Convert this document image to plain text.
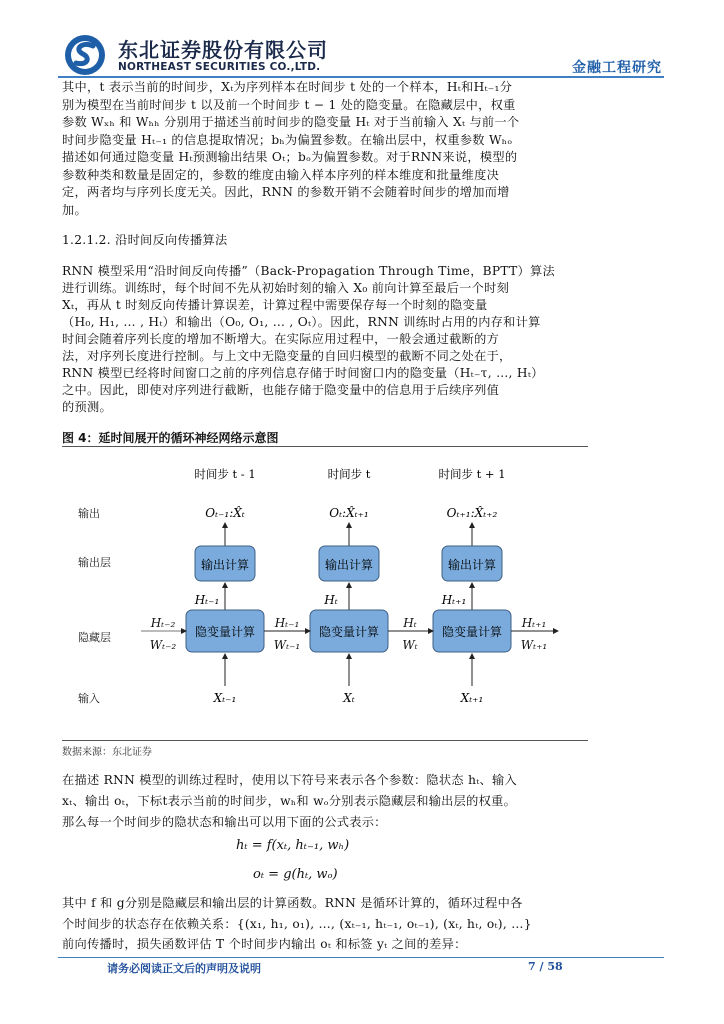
东北证券股份有限公司
NORTHEAST SECURITIES CO.,LTD.	金融工程研究
其中，t 表示当前的时间步，Xₜ为序列样本在时间步 t 处的一个样本，Hₜ和Hₜ₋₁分
别为模型在当前时间步 t 以及前一个时间步 t − 1 处的隐变量。在隐藏层中，权重
参数 Wₓₕ 和 Wₕₕ 分别用于描述当前时间步的隐变量 Hₜ 对于当前输入 Xₜ 与前一个
时间步隐变量 Hₜ₋₁ 的信息提取情况；bₕ为偏置参数。在输出层中，权重参数 Wₕₒ
描述如何通过隐变量 Hₜ预测输出结果 Oₜ；bₒ为偏置参数。对于RNN来说，模型的
参数种类和数量是固定的，参数的维度由输入样本序列的样本维度和批量维度决
定，两者均与序列长度无关。因此，RNN 的参数开销不会随着时间步的增加而增
加。
1.2.1.2. 沿时间反向传播算法
RNN 模型采用“沿时间反向传播”（Back-Propagation Through Time，BPTT）算法
进行训练。训练时，每个时间不先从初始时刻的输入 X₀ 前向计算至最后一个时刻
Xₜ，再从 t 时刻反向传播计算误差，计算过程中需要保存每一个时刻的隐变量
（H₀, H₁, … , Hₜ）和输出（O₀, O₁, … , Oₜ）。因此，RNN 训练时占用的内存和计算
时间会随着序列长度的增加不断增大。在实际应用过程中，一般会通过截断的方
法，对序列长度进行控制。与上文中无隐变量的自回归模型的截断不同之处在于，
RNN 模型已经将时间窗口之前的序列信息存储于时间窗口内的隐变量（Hₜ₋τ, …, Hₜ）
之中。因此，即使对序列进行截断，也能存储于隐变量中的信息用于后续序列值
的预测。
图 4：延时间展开的循环神经网络示意图
输出
输出层
隐藏层
输入
时间步 t - 1
Oₜ₋₁:X̂ₜ
输出计算
Hₜ₋₁
隐变量计算
Xₜ₋₁
时间步 t
Oₜ:X̂ₜ₊₁
输出计算
Hₜ
隐变量计算
Xₜ
时间步 t + 1
Oₜ₊₁:X̂ₜ₊₂
输出计算
Hₜ₊₁
隐变量计算
Xₜ₊₁
Hₜ₋₂
Wₜ₋₂
Hₜ₋₁
Wₜ₋₁
Hₜ
Wₜ
Hₜ₊₁
Wₜ₊₁
数据来源：东北证券
在描述 RNN 模型的训练过程时，使用以下符号来表示各个参数：隐状态 hₜ、输入
xₜ、输出 oₜ，下标t表示当前的时间步，wₕ和 wₒ分别表示隐藏层和输出层的权重。
那么每一个时间步的隐状态和输出可以用下面的公式表示：
hₜ = f(xₜ, hₜ₋₁, wₕ)
oₜ = g(hₜ, wₒ)
其中 f 和 g分别是隐藏层和输出层的计算函数。RNN 是循环计算的，循环过程中各
个时间步的状态存在依赖关系：{(x₁, h₁, o₁), …, (xₜ₋₁, hₜ₋₁, oₜ₋₁), (xₜ, hₜ, oₜ), …}
前向传播时，损失函数评估 T 个时间步内输出 oₜ 和标签 yₜ 之间的差异：
请务必阅读正文后的声明及说明	7 / 58
